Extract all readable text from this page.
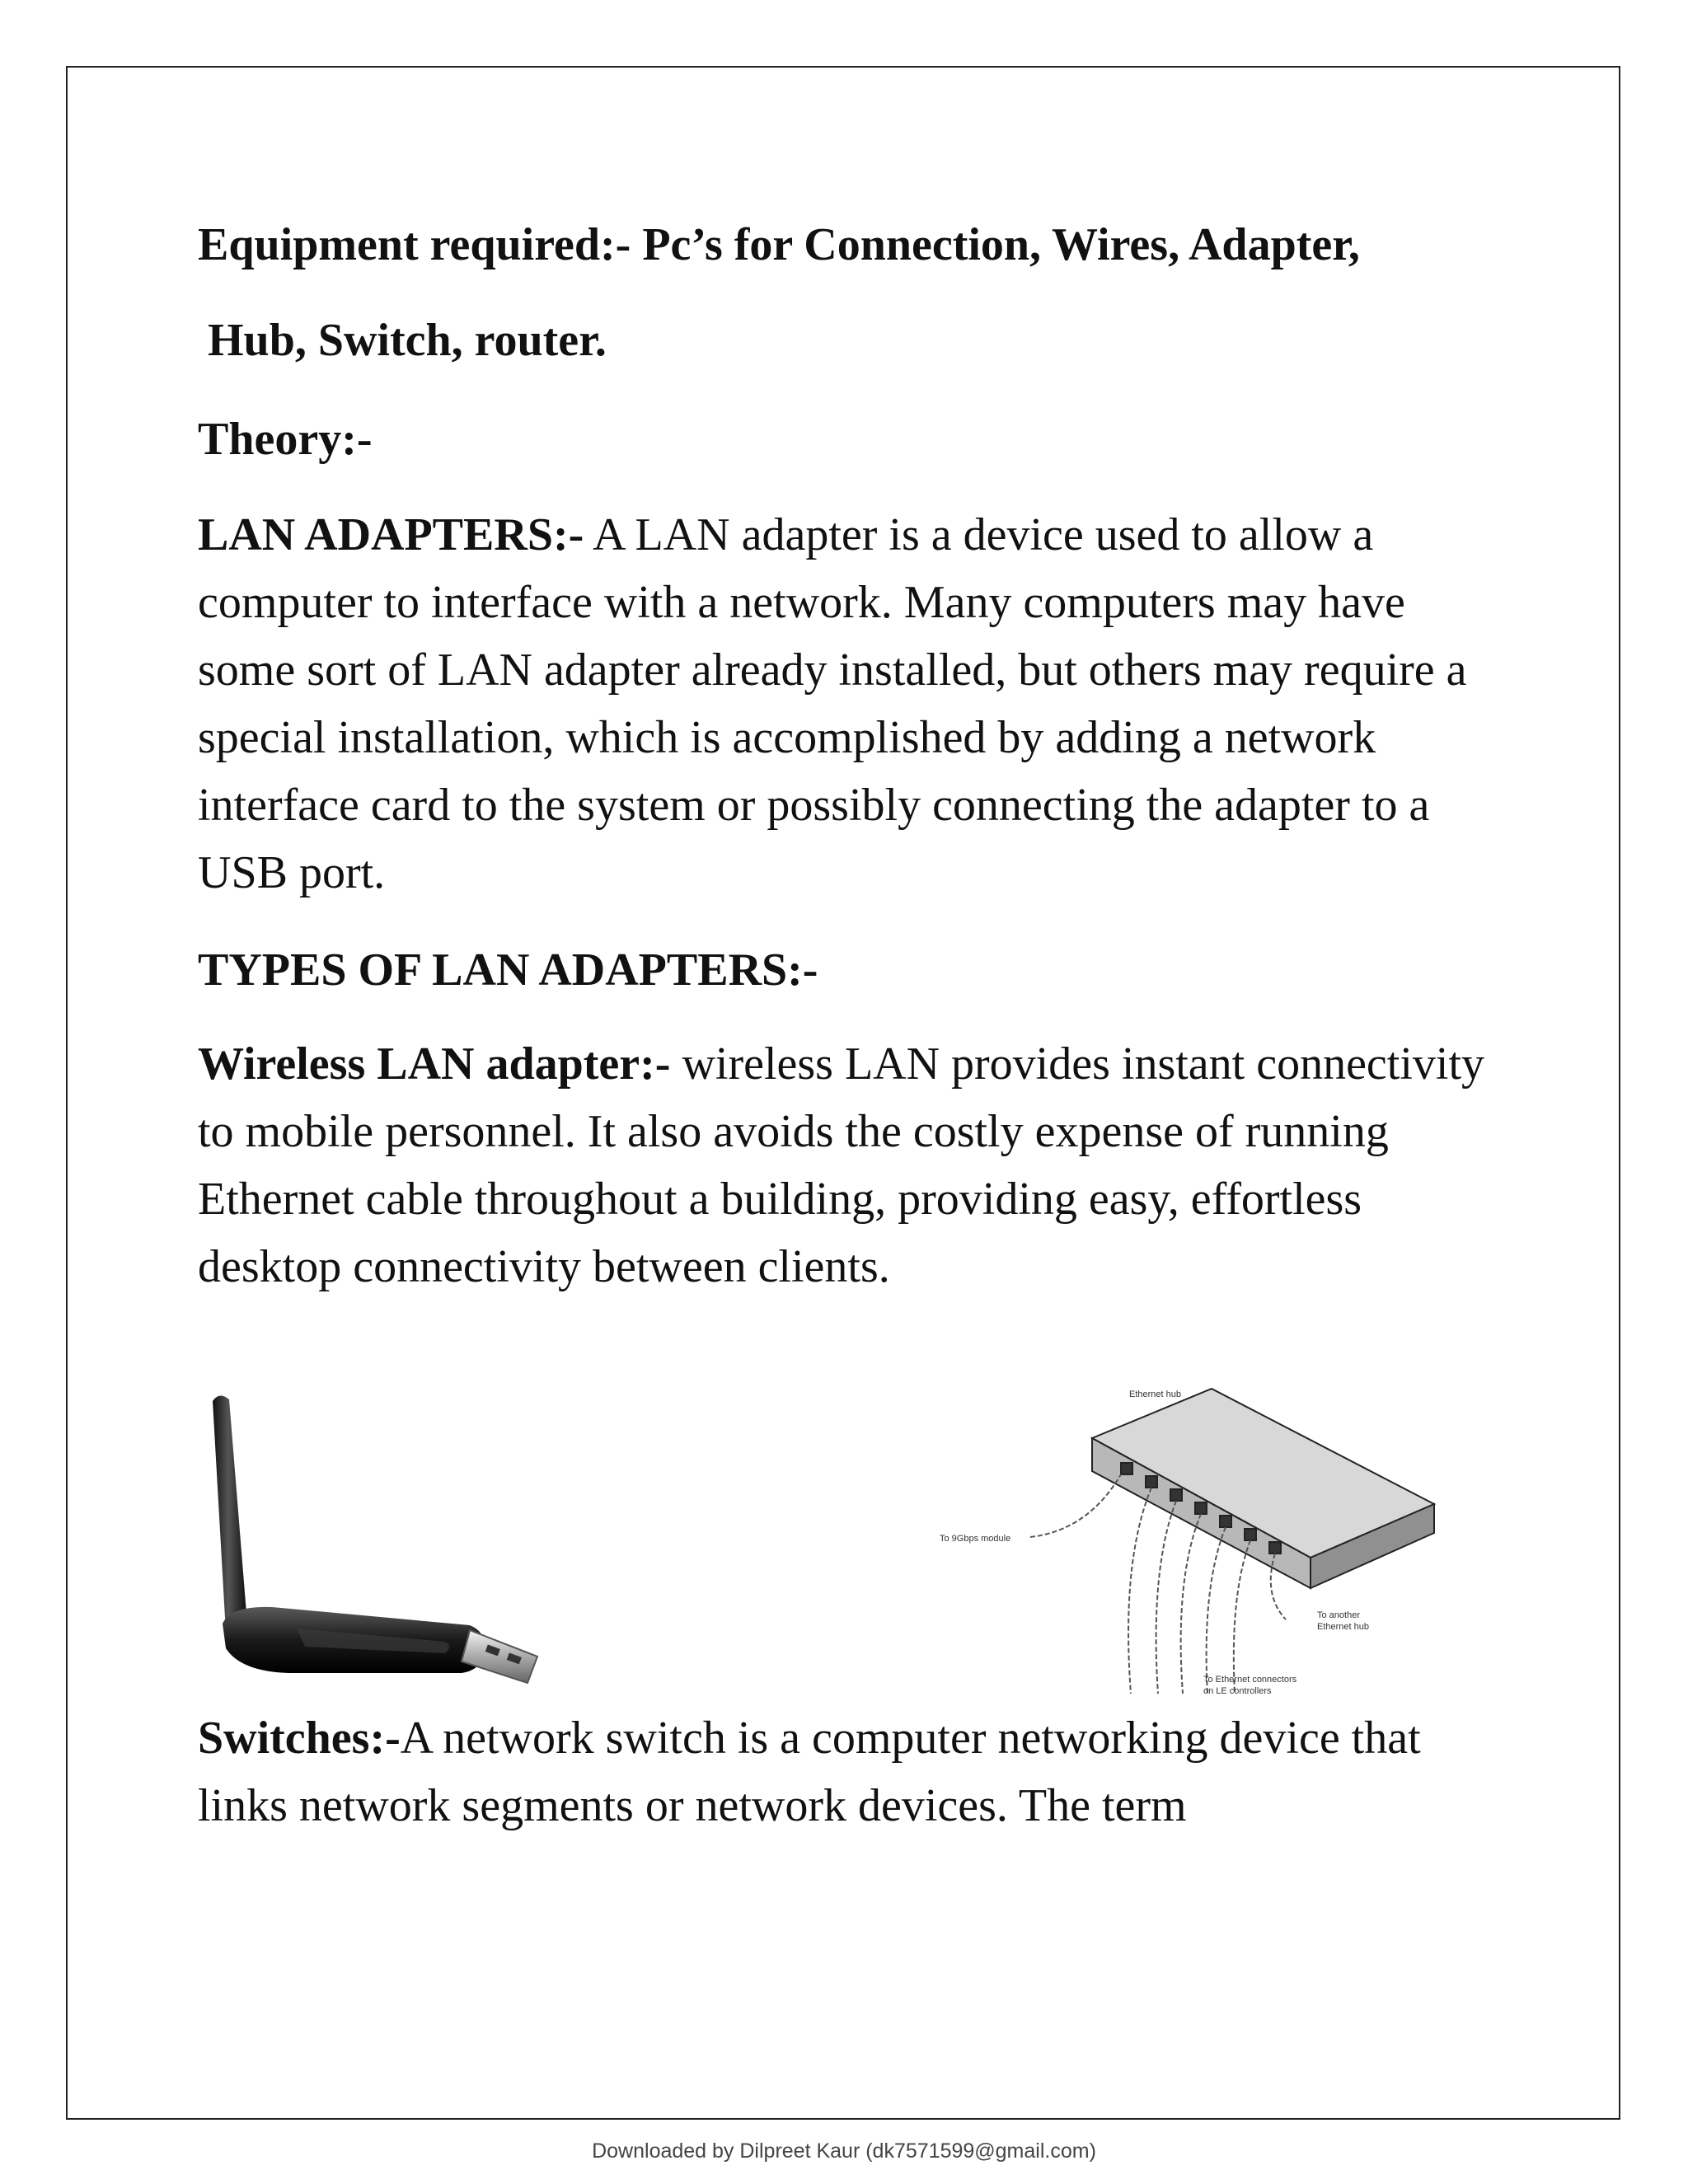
Equipment required:- Pc’s for Connection, Wires, Adapter,

Hub, Switch, router.

Theory:-

LAN ADAPTERS:- A LAN adapter is a device used to allow a computer to interface with a network. Many computers may have some sort of LAN adapter already installed, but others may require a special installation, which is accomplished by adding a network interface card to the system or possibly connecting the adapter to a USB port.

TYPES OF LAN ADAPTERS:-

Wireless LAN adapter:- wireless LAN provides instant connectivity to mobile personnel. It also avoids the costly expense of running Ethernet cable throughout a building, providing easy, effortless desktop connectivity between clients.

Ethernet hub
To 9Gbps module
To another
Ethernet hub
To Ethernet connectors
on LE controllers

Switches:-A network switch is a computer networking device that links network segments or network devices. The term

Downloaded by Dilpreet Kaur (dk7571599@gmail.com)
